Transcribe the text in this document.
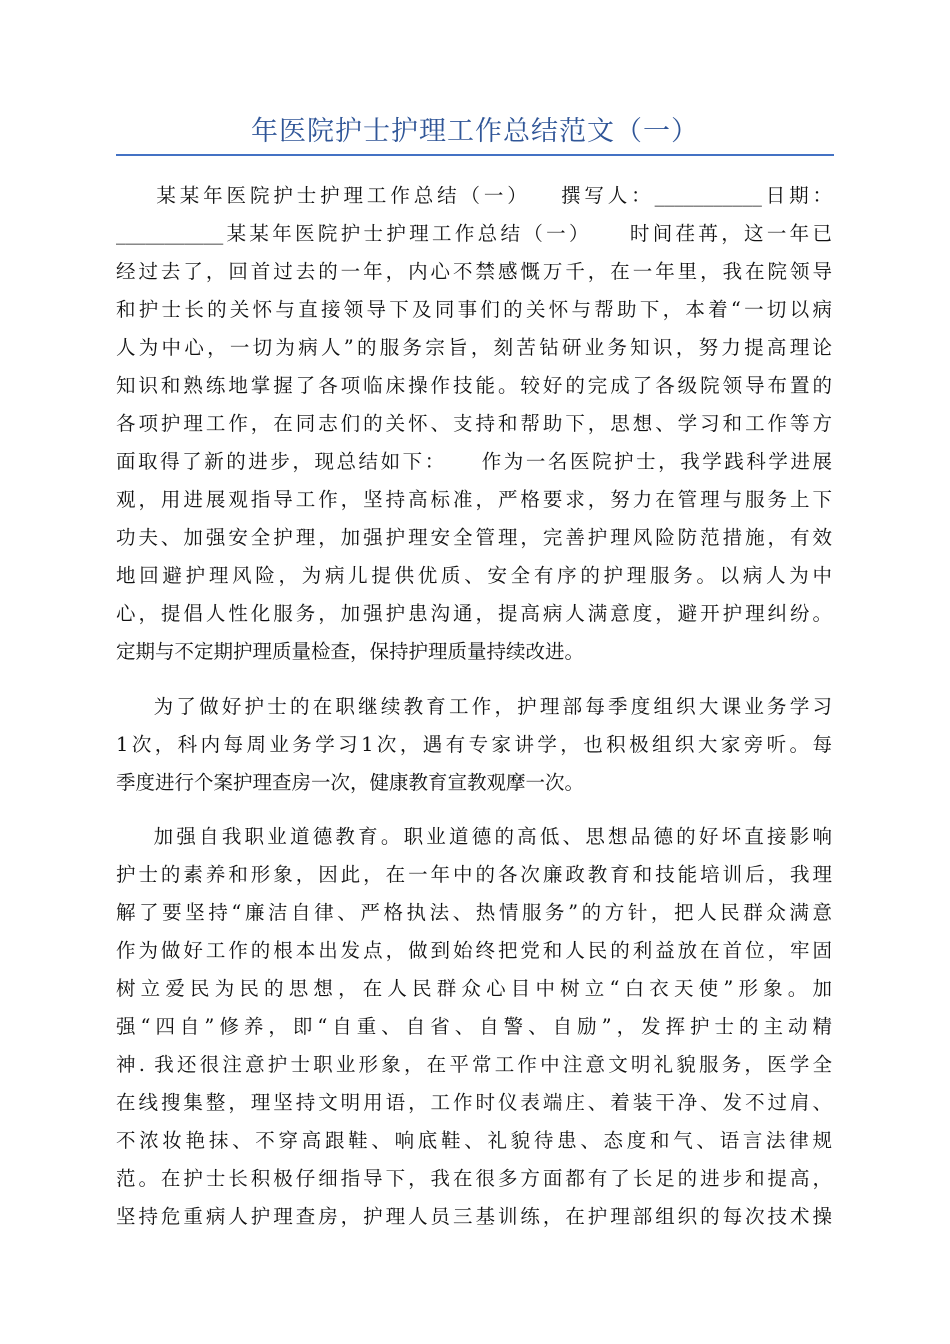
年医院护士护理工作总结范文（一）
某某年医院护士护理工作总结（一）   撰写人：___________日期：
___________某某年医院护士护理工作总结（一）    时间荏苒，这一年已
经过去了，回首过去的一年，内心不禁感慨万千，在一年里，我在院领导
和护士长的关怀与直接领导下及同事们的关怀与帮助下，本着“一切以病
人为中心，一切为病人”的服务宗旨，刻苦钻研业务知识，努力提高理论
知识和熟练地掌握了各项临床操作技能。较好的完成了各级院领导布置的
各项护理工作，在同志们的关怀、支持和帮助下，思想、学习和工作等方
面取得了新的进步，现总结如下：    作为一名医院护士，我学践科学进展
观，用进展观指导工作，坚持高标准，严格要求，努力在管理与服务上下
功夫、加强安全护理，加强护理安全管理，完善护理风险防范措施，有效
地回避护理风险，为病儿提供优质、安全有序的护理服务。以病人为中
心，提倡人性化服务，加强护患沟通，提高病人满意度，避开护理纠纷。
定期与不定期护理质量检查，保持护理质量持续改进。
为了做好护士的在职继续教育工作，护理部每季度组织大课业务学习
1次，科内每周业务学习1次，遇有专家讲学，也积极组织大家旁听。每
季度进行个案护理查房一次，健康教育宣教观摩一次。
加强自我职业道德教育。职业道德的高低、思想品德的好坏直接影响
护士的素养和形象，因此，在一年中的各次廉政教育和技能培训后，我理
解了要坚持“廉洁自律、严格执法、热情服务”的方针，把人民群众满意
作为做好工作的根本出发点，做到始终把党和人民的利益放在首位，牢固
树立爱民为民的思想，在人民群众心目中树立“白衣天使”形象。加
强“四自”修养，即“自重、自省、自警、自励”，发挥护士的主动精
神. 我还很注意护士职业形象，在平常工作中注意文明礼貌服务，医学全
在线搜集整，理坚持文明用语，工作时仪表端庄、着装干净、发不过肩、
不浓妆艳抹、不穿高跟鞋、响底鞋、礼貌待患、态度和气、语言法律规
范。在护士长积极仔细指导下，我在很多方面都有了长足的进步和提高，
坚持危重病人护理查房，护理人员三基训练，在护理部组织的每次技术操
